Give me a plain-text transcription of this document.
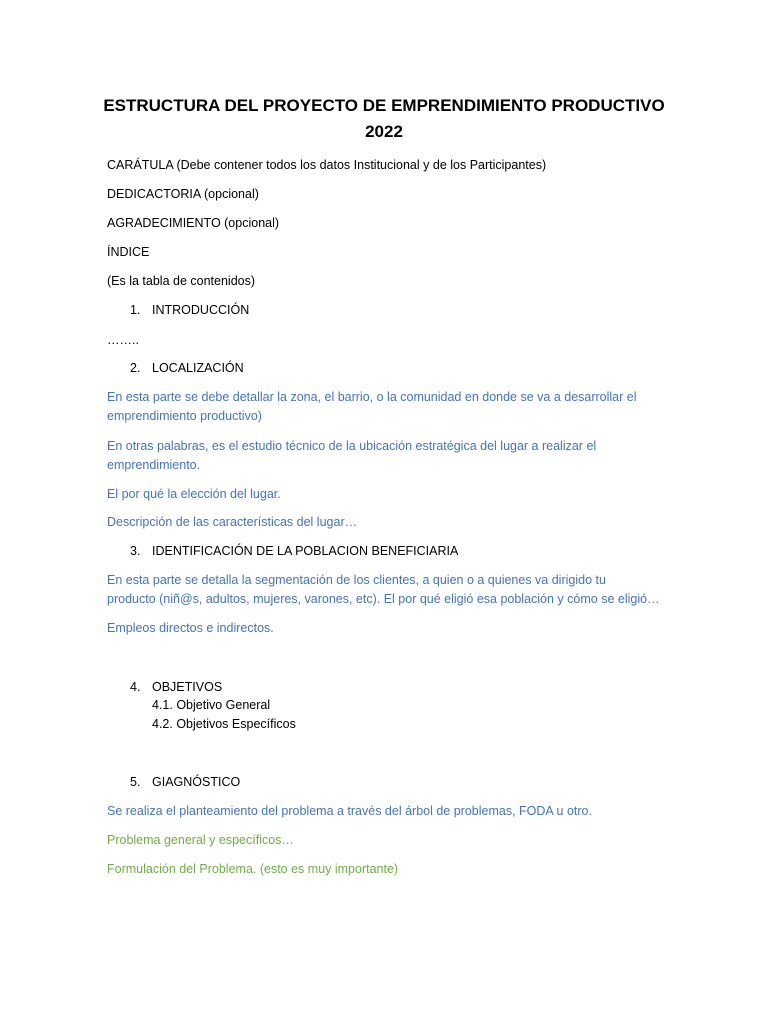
ESTRUCTURA DEL PROYECTO DE EMPRENDIMIENTO PRODUCTIVO
2022
CARÁTULA (Debe contener todos los datos Institucional y de los Participantes)
DEDICACTORIA (opcional)
AGRADECIMIENTO (opcional)
ÍNDICE
(Es la tabla de contenidos)
1. INTRODUCCIÓN
……..
2. LOCALIZACIÓN
En esta parte se debe detallar la zona, el barrio, o la comunidad en donde se va a desarrollar el
emprendimiento productivo)
En otras palabras, es el estudio técnico de la ubicación estratégica del lugar a realizar el
emprendimiento.
El por qué la elección del lugar.
Descripción de las características del lugar…
3. IDENTIFICACIÓN DE LA POBLACION BENEFICIARIA
En esta parte se detalla la segmentación de los clientes, a quien o a quienes va dirigido tu
producto (niñ@s, adultos, mujeres, varones, etc). El por qué eligió esa población y cómo se eligió…
Empleos directos e indirectos.
4. OBJETIVOS
4.1. Objetivo General
4.2. Objetivos Específicos
5. GIAGNÓSTICO
Se realiza el planteamiento del problema a través del árbol de problemas, FODA u otro.
Problema general y específicos…
Formulación del Problema. (esto es muy importante)
